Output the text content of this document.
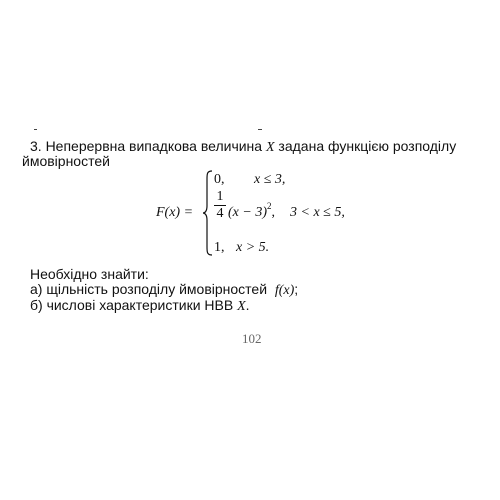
3. Неперервна випадкова величина X задана функцією розподілу
ймовірностей
F(x) =
0, x ≤ 3,
1
4 $(x - 3)^2$, 3 < x ≤ 5,
1, x > 5.
Необхідно знайти:
а) щільність розподілу ймовірностей f(x);
б) числові характеристики НВВ X.
102
